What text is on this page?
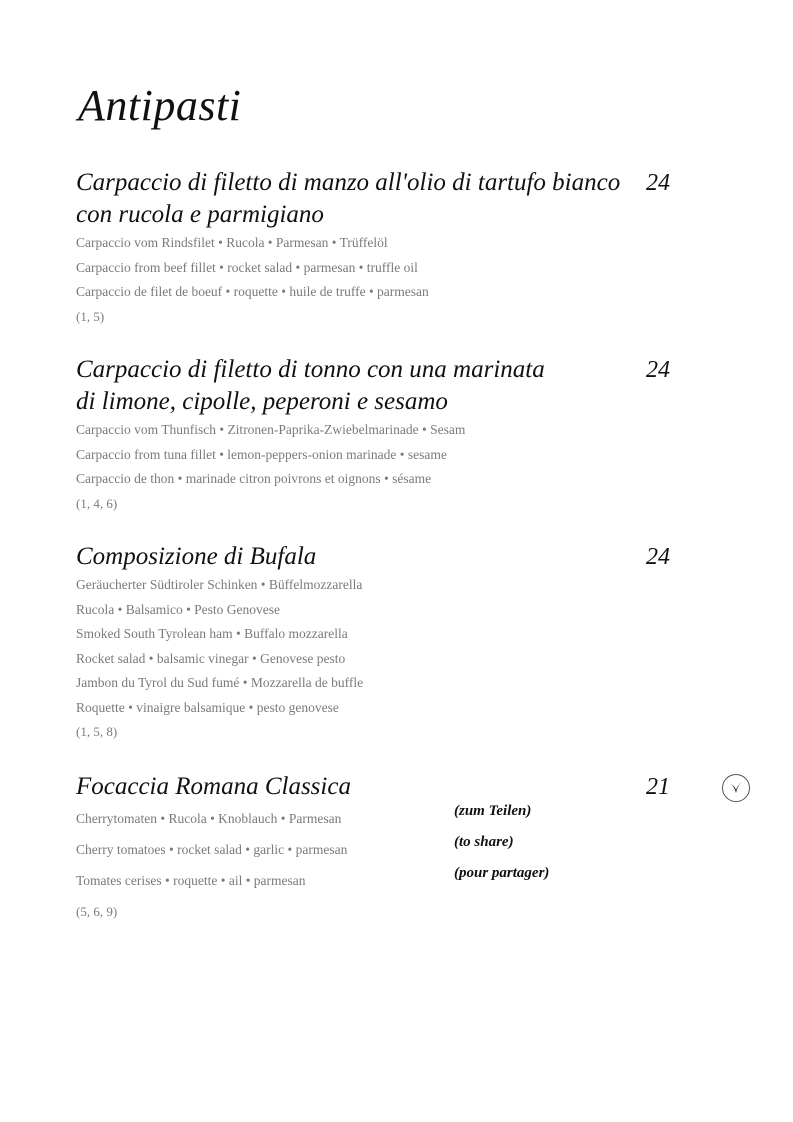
Antipasti
Carpaccio di filetto di manzo all'olio di tartufo bianco
con rucola e parmigiano
24
Carpaccio vom Rindsfilet • Rucola • Parmesan • Trüffelöl
Carpaccio from beef fillet • rocket salad • parmesan • truffle oil
Carpaccio de filet de boeuf • roquette • huile de truffe • parmesan
(1, 5)
Carpaccio di filetto di tonno con una marinata
di limone, cipolle, peperoni e sesamo
24
Carpaccio vom Thunfisch • Zitronen-Paprika-Zwiebelmarinade • Sesam
Carpaccio from tuna fillet • lemon-peppers-onion marinade • sesame
Carpaccio de thon • marinade citron poivrons et oignons • sésame
(1, 4, 6)
Composizione di Bufala	24
Geräucherter Südtiroler Schinken • Büffelmozzarella
Rucola • Balsamico • Pesto Genovese
Smoked South Tyrolean ham • Buffalo mozzarella
Rocket salad • balsamic vinegar • Genovese pesto
Jambon du Tyrol du Sud fumé • Mozzarella de buffle
Roquette • vinaigre balsamique • pesto genovese
(1, 5, 8)
Focaccia Romana Classica	21
Cherrytomaten • Rucola • Knoblauch • Parmesan	(zum Teilen)
Cherry tomatoes • rocket salad • garlic • parmesan	(to share)
Tomates cerises • roquette • ail • parmesan	(pour partager)
(5, 6, 9)
